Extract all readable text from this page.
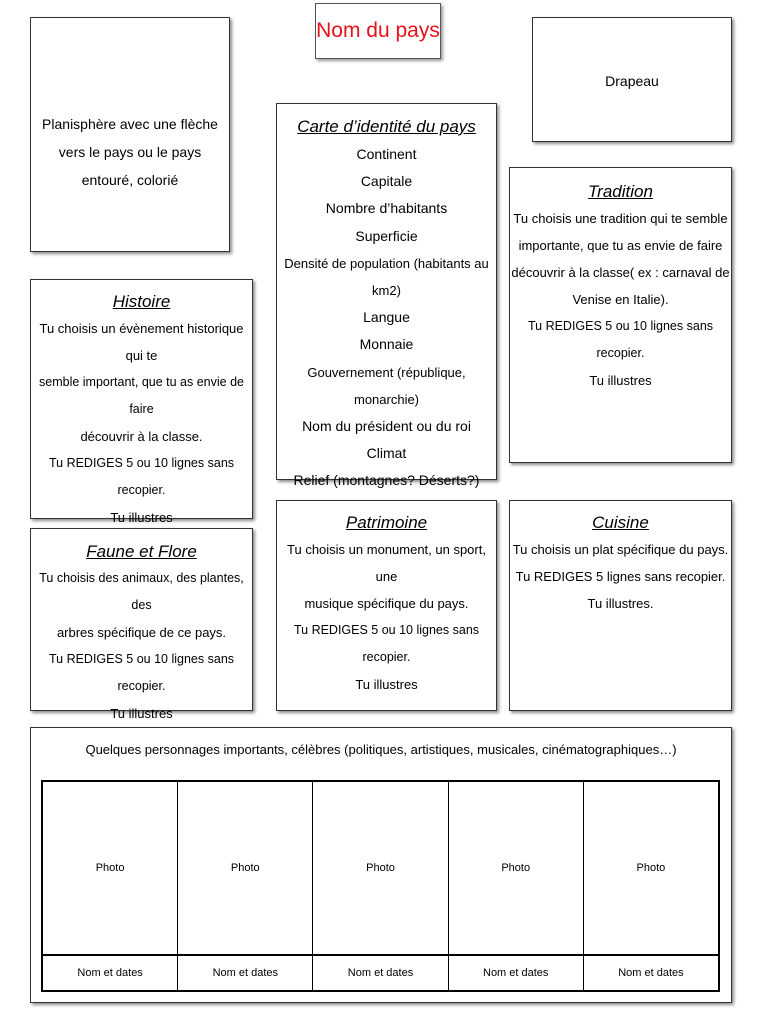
Nom du pays
Planisphère avec une flèche vers le pays ou le pays entouré, colorié
Drapeau
Carte d’identité du pays
Continent
Capitale
Nombre d’habitants
Superficie
Densité de population (habitants au km2)
Langue
Monnaie
Gouvernement (république, monarchie)
Nom du président ou du roi
Climat
Relief (montagnes? Déserts?)
Tradition
Tu choisis une tradition qui te semble
importante, que tu as envie de faire
découvrir à la classe( ex : carnaval de
Venise en Italie).
Tu REDIGES 5 ou 10 lignes sans recopier.
Tu illustres
Histoire
Tu choisis un évènement historique qui te
semble important, que tu as envie de faire
découvrir à la classe.
Tu REDIGES 5 ou 10 lignes sans recopier.
Tu illustres
Faune et Flore
Tu choisis des animaux, des plantes, des
arbres spécifique de ce pays.
Tu REDIGES 5 ou 10 lignes sans recopier.
Tu illustres
Patrimoine
Tu choisis un monument, un sport, une
musique spécifique du pays.
Tu REDIGES 5 ou 10 lignes sans recopier.
Tu illustres
Cuisine
Tu choisis un plat spécifique du pays.
Tu REDIGES 5 lignes sans recopier.
Tu illustres.
Quelques personnages importants, célèbres (politiques, artistiques, musicales, cinématographiques…)
Photo
Nom et dates
Photo
Nom et dates
Photo
Nom et dates
Photo
Nom et dates
Photo
Nom et dates
